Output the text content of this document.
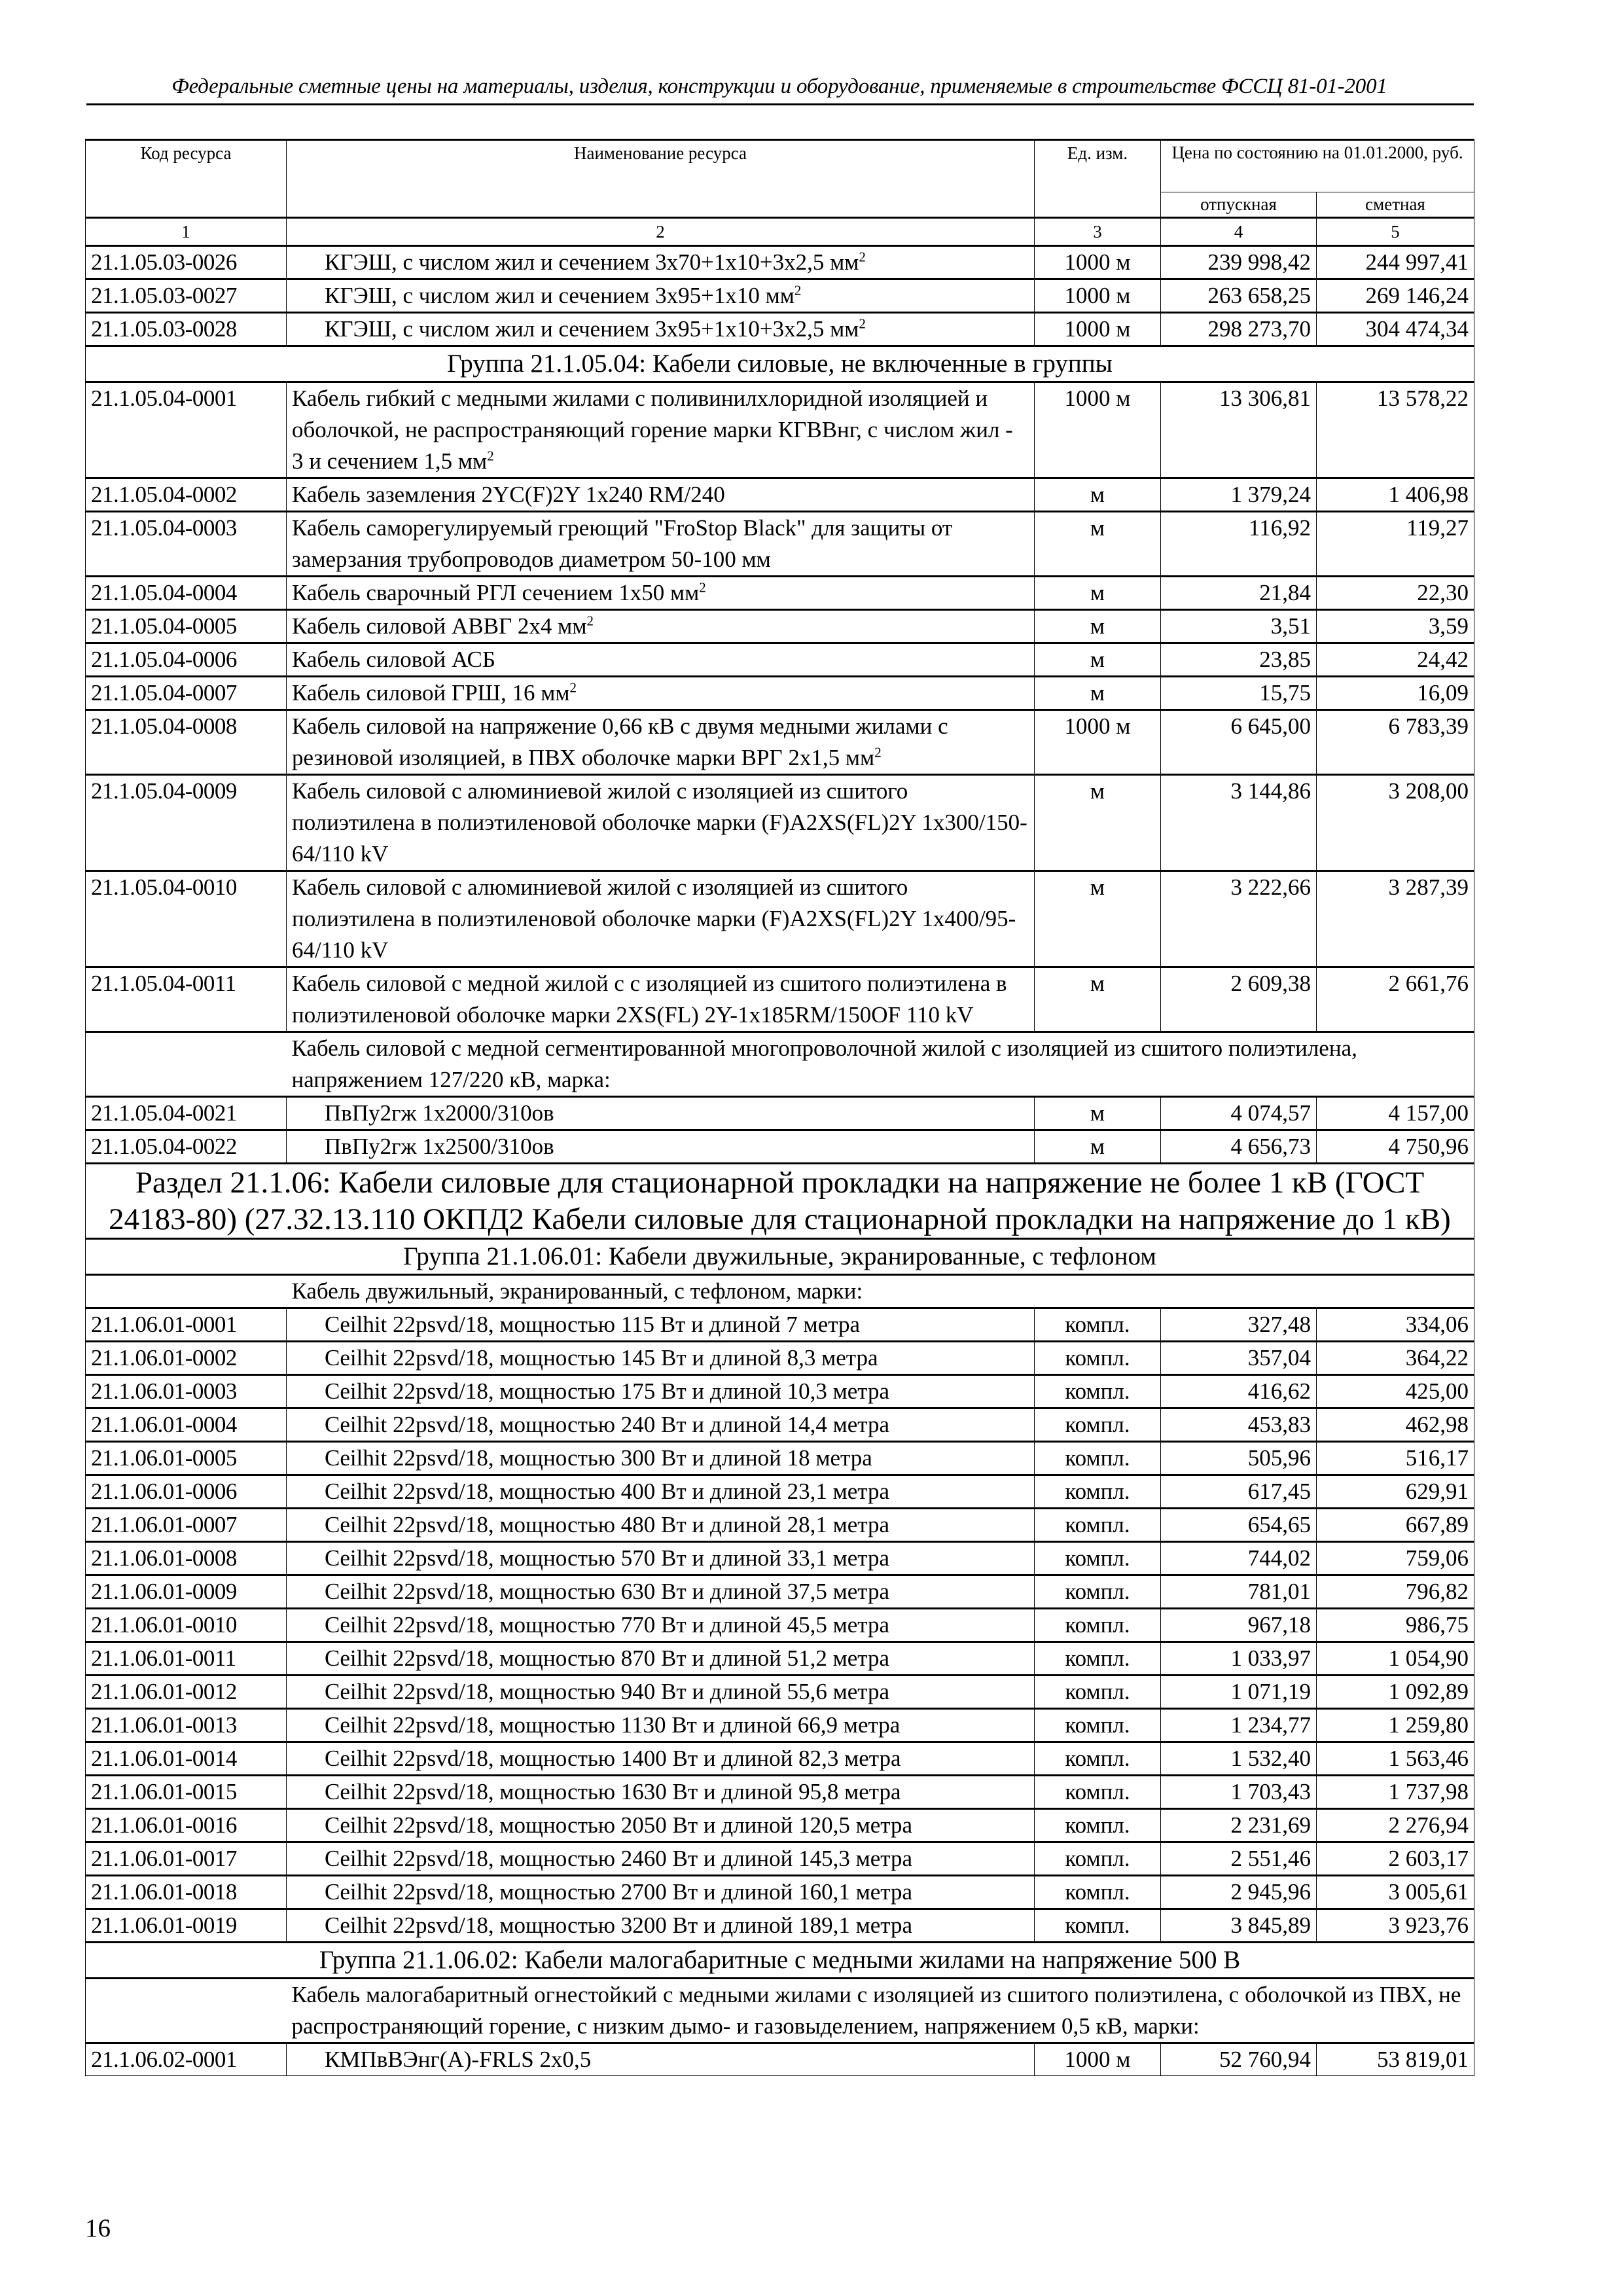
Федеральные сметные цены на материалы, изделия, конструкции и оборудование, применяемые в строительстве ФССЦ 81-01-2001
Код ресурса	Наименование ресурса	Ед. изм.	Цена по состоянию на 01.01.2000, руб.	
			отпускная	сметная
1	2	3	4	5
21.1.05.03-0026	КГЭШ, с числом жил и сечением 3х70+1х10+3х2,5 $мм^2$	1000 м	239 998,42	244 997,41
21.1.05.03-0027	КГЭШ, с числом жил и сечением 3х95+1х10 $мм^2$	1000 м	263 658,25	269 146,24
21.1.05.03-0028	КГЭШ, с числом жил и сечением 3х95+1х10+3х2,5 $мм^2$	1000 м	298 273,70	304 474,34
Группа 21.1.05.04: Кабели силовые, не включенные в группы				
21.1.05.04-0001	Кабель гибкий с медными жилами с поливинилхлоридной изоляцией и оболочкой, не распространяющий горение марки КГВВнг, с числом жил - 3 и сечением 1,5 $мм^2$	1000 м	13 306,81	13 578,22
21.1.05.04-0002	Кабель заземления 2YC(F)2Y 1x240 RM/240	м	1 379,24	1 406,98
21.1.05.04-0003	Кабель саморегулируемый греющий "FroStop Black" для защиты от замерзания трубопроводов диаметром 50-100 мм	м	116,92	119,27
21.1.05.04-0004	Кабель сварочный РГЛ сечением 1х50 $мм^2$	м	21,84	22,30
21.1.05.04-0005	Кабель силовой АВВГ 2х4 $мм^2$	м	3,51	3,59
21.1.05.04-0006	Кабель силовой АСБ	м	23,85	24,42
21.1.05.04-0007	Кабель силовой ГРШ, 16 $мм^2$	м	15,75	16,09
21.1.05.04-0008	Кабель силовой на напряжение 0,66 кВ с двумя медными жилами с резиновой изоляцией, в ПВХ оболочке марки ВРГ 2х1,5 $мм^2$	1000 м	6 645,00	6 783,39
21.1.05.04-0009	Кабель силовой с алюминиевой жилой с изоляцией из сшитого полиэтилена в полиэтиленовой оболочке марки (F)A2XS(FL)2Y 1x300/150-64/110 kV	м	3 144,86	3 208,00
21.1.05.04-0010	Кабель силовой с алюминиевой жилой с изоляцией из сшитого полиэтилена в полиэтиленовой оболочке марки (F)A2XS(FL)2Y 1x400/95-64/110 kV	м	3 222,66	3 287,39
21.1.05.04-0011	Кабель силовой с медной жилой с с изоляцией из сшитого полиэтилена в полиэтиленовой оболочке марки 2XS(FL) 2Y-1x185RM/150OF 110 kV	м	2 609,38	2 661,76
	Кабель силовой с медной сегментированной многопроволочной жилой с изоляцией из сшитого полиэтилена, напряжением 127/220 кВ, марка:			
21.1.05.04-0021	ПвПу2гж 1х2000/310ов	м	4 074,57	4 157,00
21.1.05.04-0022	ПвПу2гж 1х2500/310ов	м	4 656,73	4 750,96
Раздел 21.1.06: Кабели силовые для стационарной прокладки на напряжение не более 1 кВ (ГОСТ 24183-80) (27.32.13.110 ОКПД2 Кабели силовые для стационарной прокладки на напряжение до 1 кВ)				
Группа 21.1.06.01: Кабели двужильные, экранированные, с тефлоном				
	Кабель двужильный, экранированный, с тефлоном, марки:			
21.1.06.01-0001	Ceilhit 22psvd/18, мощностью 115 Вт и длиной 7 метра	компл.	327,48	334,06
21.1.06.01-0002	Ceilhit 22psvd/18, мощностью 145 Вт и длиной 8,3 метра	компл.	357,04	364,22
21.1.06.01-0003	Ceilhit 22psvd/18, мощностью 175 Вт и длиной 10,3 метра	компл.	416,62	425,00
21.1.06.01-0004	Ceilhit 22psvd/18, мощностью 240 Вт и длиной 14,4 метра	компл.	453,83	462,98
21.1.06.01-0005	Ceilhit 22psvd/18, мощностью 300 Вт и длиной 18 метра	компл.	505,96	516,17
21.1.06.01-0006	Ceilhit 22psvd/18, мощностью 400 Вт и длиной 23,1 метра	компл.	617,45	629,91
21.1.06.01-0007	Ceilhit 22psvd/18, мощностью 480 Вт и длиной 28,1 метра	компл.	654,65	667,89
21.1.06.01-0008	Ceilhit 22psvd/18, мощностью 570 Вт и длиной 33,1 метра	компл.	744,02	759,06
21.1.06.01-0009	Ceilhit 22psvd/18, мощностью 630 Вт и длиной 37,5 метра	компл.	781,01	796,82
21.1.06.01-0010	Ceilhit 22psvd/18, мощностью 770 Вт и длиной 45,5 метра	компл.	967,18	986,75
21.1.06.01-0011	Ceilhit 22psvd/18, мощностью 870 Вт и длиной 51,2 метра	компл.	1 033,97	1 054,90
21.1.06.01-0012	Ceilhit 22psvd/18, мощностью 940 Вт и длиной 55,6 метра	компл.	1 071,19	1 092,89
21.1.06.01-0013	Ceilhit 22psvd/18, мощностью 1130 Вт и длиной 66,9 метра	компл.	1 234,77	1 259,80
21.1.06.01-0014	Ceilhit 22psvd/18, мощностью 1400 Вт и длиной 82,3 метра	компл.	1 532,40	1 563,46
21.1.06.01-0015	Ceilhit 22psvd/18, мощностью 1630 Вт и длиной 95,8 метра	компл.	1 703,43	1 737,98
21.1.06.01-0016	Ceilhit 22psvd/18, мощностью 2050 Вт и длиной 120,5 метра	компл.	2 231,69	2 276,94
21.1.06.01-0017	Ceilhit 22psvd/18, мощностью 2460 Вт и длиной 145,3 метра	компл.	2 551,46	2 603,17
21.1.06.01-0018	Ceilhit 22psvd/18, мощностью 2700 Вт и длиной 160,1 метра	компл.	2 945,96	3 005,61
21.1.06.01-0019	Ceilhit 22psvd/18, мощностью 3200 Вт и длиной 189,1 метра	компл.	3 845,89	3 923,76
Группа 21.1.06.02: Кабели малогабаритные с медными жилами на напряжение 500 В				
	Кабель малогабаритный огнестойкий с медными жилами с изоляцией из сшитого полиэтилена, с оболочкой из ПВХ, не распространяющий горение, с низким дымо- и газовыделением, напряжением 0,5 кВ, марки:			
21.1.06.02-0001	КМПвВЭнг(А)-FRLS 2х0,5	1000 м	52 760,94	53 819,01
16
